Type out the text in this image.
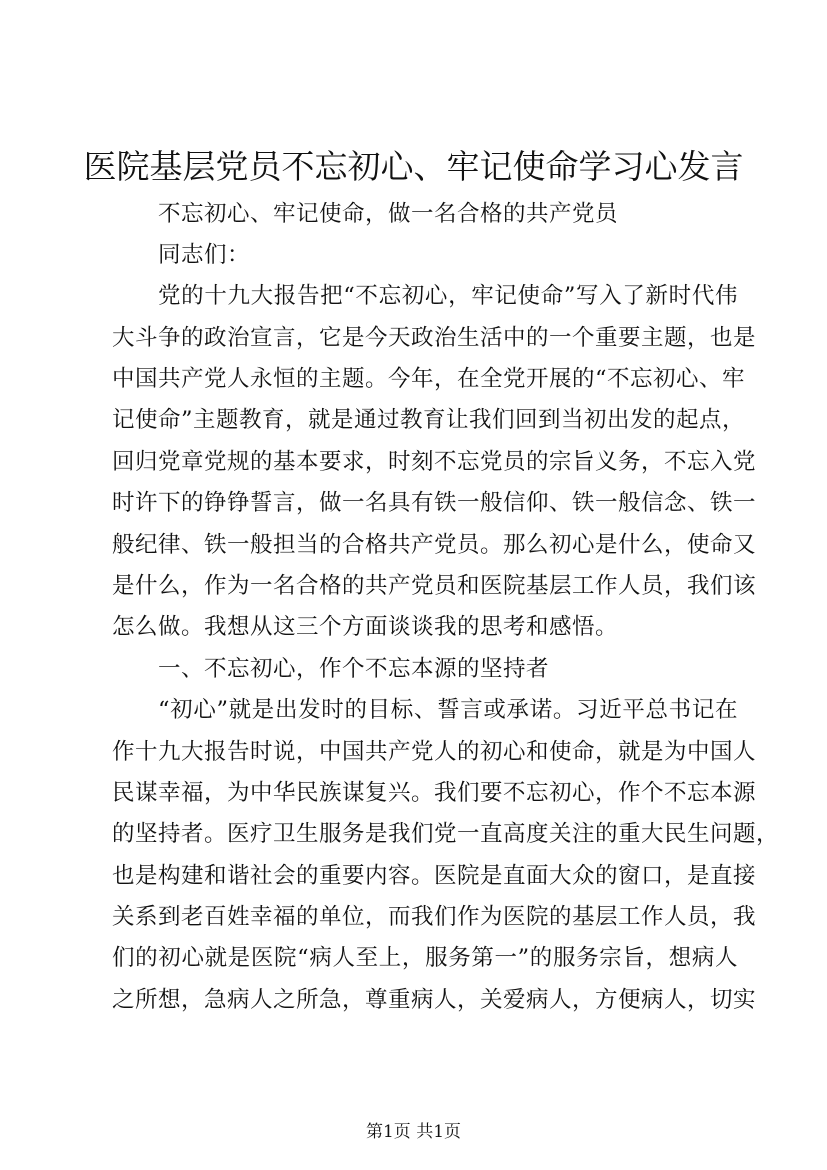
医院基层党员不忘初心、牢记使命学习心发言
不忘初心、牢记使命，做一名合格的共产党员
同志们：
党的十九大报告把“不忘初心，牢记使命”写入了新时代伟
大斗争的政治宣言，它是今天政治生活中的一个重要主题，也是
中国共产党人永恒的主题。今年，在全党开展的“不忘初心、牢
记使命”主题教育，就是通过教育让我们回到当初出发的起点，
回归党章党规的基本要求，时刻不忘党员的宗旨义务，不忘入党
时许下的铮铮誓言，做一名具有铁一般信仰、铁一般信念、铁一
般纪律、铁一般担当的合格共产党员。那么初心是什么，使命又
是什么，作为一名合格的共产党员和医院基层工作人员，我们该
怎么做。我想从这三个方面谈谈我的思考和感悟。
一、不忘初心，作个不忘本源的坚持者
“初心”就是出发时的目标、誓言或承诺。习近平总书记在
作十九大报告时说，中国共产党人的初心和使命，就是为中国人
民谋幸福，为中华民族谋复兴。我们要不忘初心，作个不忘本源
的坚持者。医疗卫生服务是我们党一直高度关注的重大民生问题，
也是构建和谐社会的重要内容。医院是直面大众的窗口，是直接
关系到老百姓幸福的单位，而我们作为医院的基层工作人员，我
们的初心就是医院“病人至上，服务第一”的服务宗旨，想病人
之所想，急病人之所急，尊重病人，关爱病人，方便病人，切实
第1页 共1页
